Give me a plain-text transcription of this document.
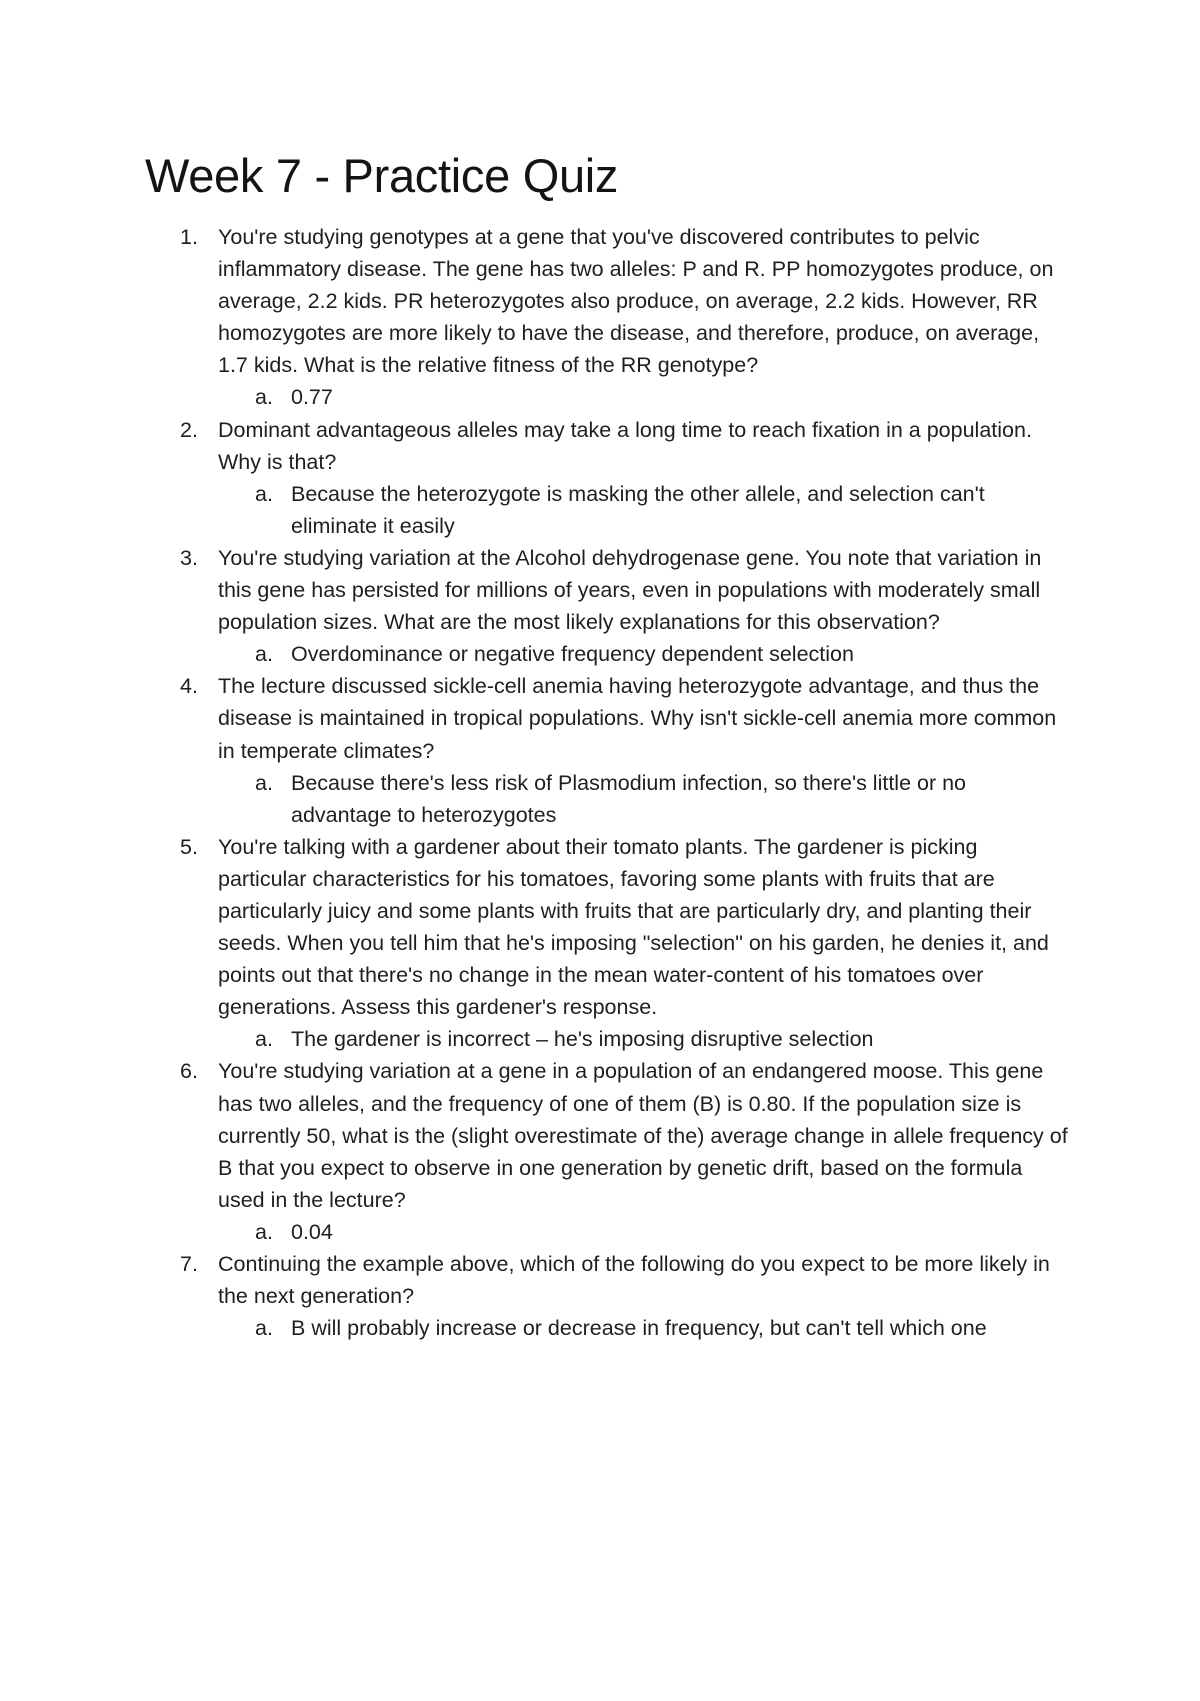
Week 7 - Practice Quiz
1. You're studying genotypes at a gene that you've discovered contributes to pelvic inflammatory disease. The gene has two alleles: P and R. PP homozygotes produce, on average, 2.2 kids. PR heterozygotes also produce, on average, 2.2 kids. However, RR homozygotes are more likely to have the disease, and therefore, produce, on average, 1.7 kids. What is the relative fitness of the RR genotype?
a. 0.77
2. Dominant advantageous alleles may take a long time to reach fixation in a population. Why is that?
a. Because the heterozygote is masking the other allele, and selection can't eliminate it easily
3. You're studying variation at the Alcohol dehydrogenase gene. You note that variation in this gene has persisted for millions of years, even in populations with moderately small population sizes. What are the most likely explanations for this observation?
a. Overdominance or negative frequency dependent selection
4. The lecture discussed sickle-cell anemia having heterozygote advantage, and thus the disease is maintained in tropical populations. Why isn't sickle-cell anemia more common in temperate climates?
a. Because there's less risk of Plasmodium infection, so there's little or no advantage to heterozygotes
5. You're talking with a gardener about their tomato plants. The gardener is picking particular characteristics for his tomatoes, favoring some plants with fruits that are particularly juicy and some plants with fruits that are particularly dry, and planting their seeds. When you tell him that he's imposing "selection" on his garden, he denies it, and points out that there's no change in the mean water-content of his tomatoes over generations. Assess this gardener's response.
a. The gardener is incorrect – he's imposing disruptive selection
6. You're studying variation at a gene in a population of an endangered moose. This gene has two alleles, and the frequency of one of them (B) is 0.80. If the population size is currently 50, what is the (slight overestimate of the) average change in allele frequency of B that you expect to observe in one generation by genetic drift, based on the formula used in the lecture?
a. 0.04
7. Continuing the example above, which of the following do you expect to be more likely in the next generation?
a. B will probably increase or decrease in frequency, but can't tell which one
